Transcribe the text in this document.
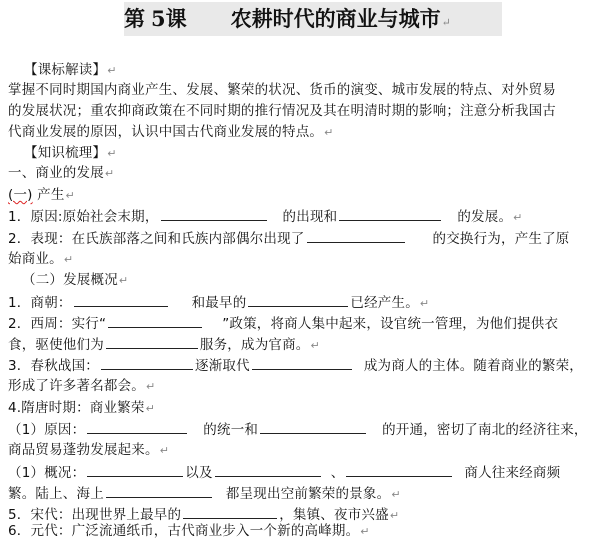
第 5课 农耕时代的商业与城市↵
【课标解读】↵
掌握不同时期国内商业产生、发展、繁荣的状况、货币的演变、城市发展的特点、对外贸易
的发展状况；重农抑商政策在不同时期的推行情况及其在明清时期的影响；注意分析我国古
代商业发展的原因，认识中国古代商业发展的特点。↵
【知识梳理】↵
一、商业的发展↵
(一) 产生↵
1．原因:原始社会末期，	的出现和	的发展。↵
2．表现：在氏族部落之间和氏族内部偶尔出现了	的交换行为，产生了原
始商业。↵
（二）发展概况↵
1．商朝：	和最早的	已经产生。↵
2．西周：实行“	”政策，将商人集中起来，设官统一管理，为他们提供衣
食，驱使他们为	服务，成为官商。↵
3．春秋战国：	逐渐取代	成为商人的主体。随着商业的繁荣，
形成了许多著名都会。↵
4.隋唐时期：商业繁荣↵
（1）原因：	的统一和	的开通，密切了南北的经济往来，
商品贸易蓬勃发展起来。↵
（1）概况：	以及	、	商人往来经商频
繁。陆上、海上	都呈现出空前繁荣的景象。↵
5．宋代：出现世界上最早的	，集镇、夜市兴盛↵
6．元代：广泛流通纸币，古代商业步入一个新的高峰期。↵
